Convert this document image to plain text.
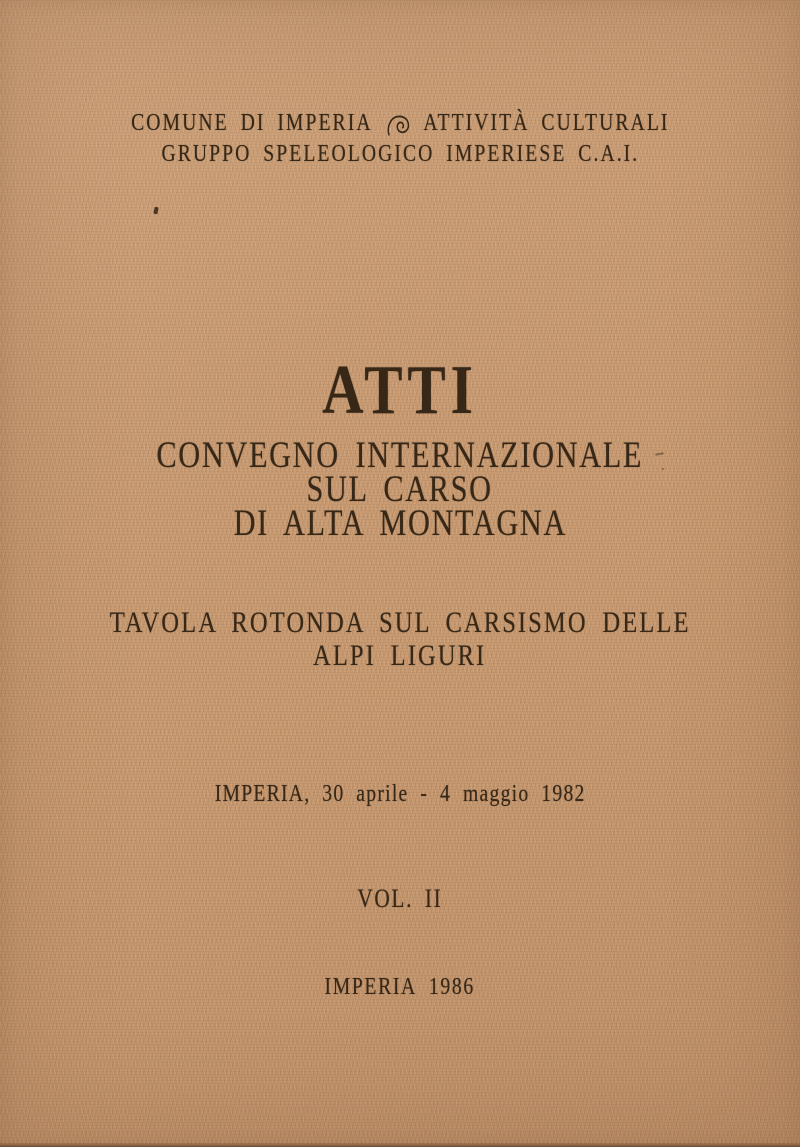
COMUNE DI IMPERIA ATTIVITÀ CULTURALI
GRUPPO SPELEOLOGICO IMPERIESE C.A.I.
ATTI
CONVEGNO INTERNAZIONALE
SUL CARSO
DI ALTA MONTAGNA
TAVOLA ROTONDA SUL CARSISMO DELLE
ALPI LIGURI
IMPERIA, 30 aprile - 4 maggio 1982
VOL. II
IMPERIA 1986
